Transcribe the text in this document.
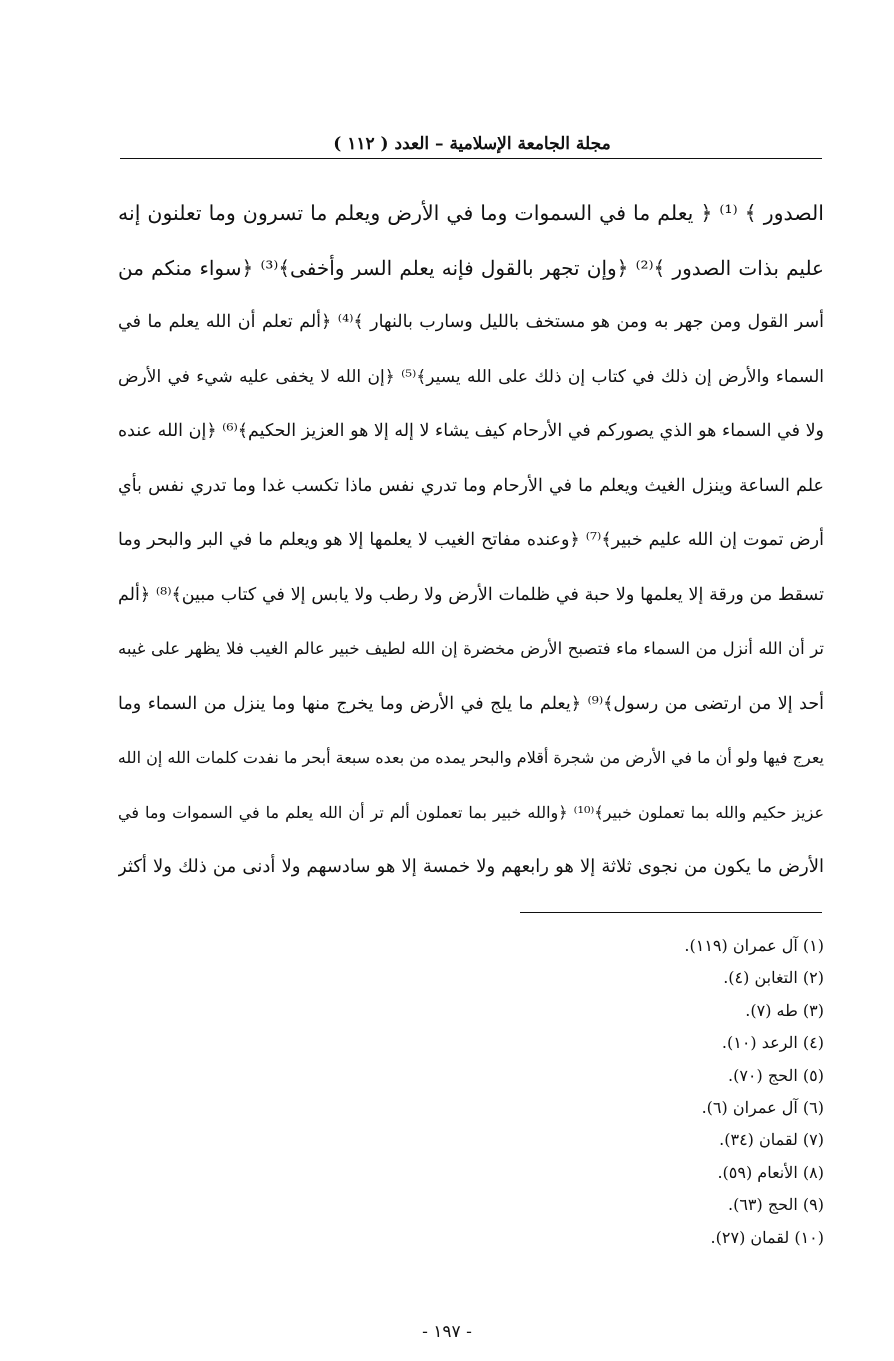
مجلة الجامعة الإسلامية – العدد ( ١١٢ )
الصدور ﴾ ⁽¹⁾ ﴿ يعلم ما في السموات وما في الأرض ويعلم ما تسرون وما تعلنون إنه
عليم بذات الصدور ﴾⁽²⁾ ﴿وإن تجهر بالقول فإنه يعلم السر وأخفى﴾⁽³⁾ ﴿سواء منكم من
أسر القول ومن جهر به ومن هو مستخف بالليل وسارب بالنهار ﴾⁽⁴⁾ ﴿ألم تعلم أن الله يعلم ما في
السماء والأرض إن ذلك في كتاب إن ذلك على الله يسير﴾⁽⁵⁾ ﴿إن الله لا يخفى عليه شيء في الأرض
ولا في السماء هو الذي يصوركم في الأرحام كيف يشاء لا إله إلا هو العزيز الحكيم﴾⁽⁶⁾ ﴿إن الله عنده
علم الساعة وينزل الغيث ويعلم ما في الأرحام وما تدري نفس ماذا تكسب غدا وما تدري نفس بأي
أرض تموت إن الله عليم خبير﴾⁽⁷⁾ ﴿وعنده مفاتح الغيب لا يعلمها إلا هو ويعلم ما في البر والبحر وما
تسقط من ورقة إلا يعلمها ولا حبة في ظلمات الأرض ولا رطب ولا يابس إلا في كتاب مبين﴾⁽⁸⁾ ﴿ألم
تر أن الله أنزل من السماء ماء فتصبح الأرض مخضرة إن الله لطيف خبير عالم الغيب فلا يظهر على غيبه
أحد إلا من ارتضى من رسول﴾⁽⁹⁾ ﴿يعلم ما يلج في الأرض وما يخرج منها وما ينزل من السماء وما
يعرج فيها ولو أن ما في الأرض من شجرة أقلام والبحر يمده من بعده سبعة أبحر ما نفدت كلمات الله إن الله
عزيز حكيم والله بما تعملون خبير﴾⁽¹⁰⁾ ﴿والله خبير بما تعملون ألم تر أن الله يعلم ما في السموات وما في
الأرض ما يكون من نجوى ثلاثة إلا هو رابعهم ولا خمسة إلا هو سادسهم ولا أدنى من ذلك ولا أكثر
(١) آل عمران (١١٩).
(٢) التغابن (٤).
(٣) طه (٧).
(٤) الرعد (١٠).
(٥) الحج (٧٠).
(٦) آل عمران (٦).
(٧) لقمان (٣٤).
(٨) الأنعام (٥٩).
(٩) الحج (٦٣).
(١٠) لقمان (٢٧).
- ١٩٧ -
